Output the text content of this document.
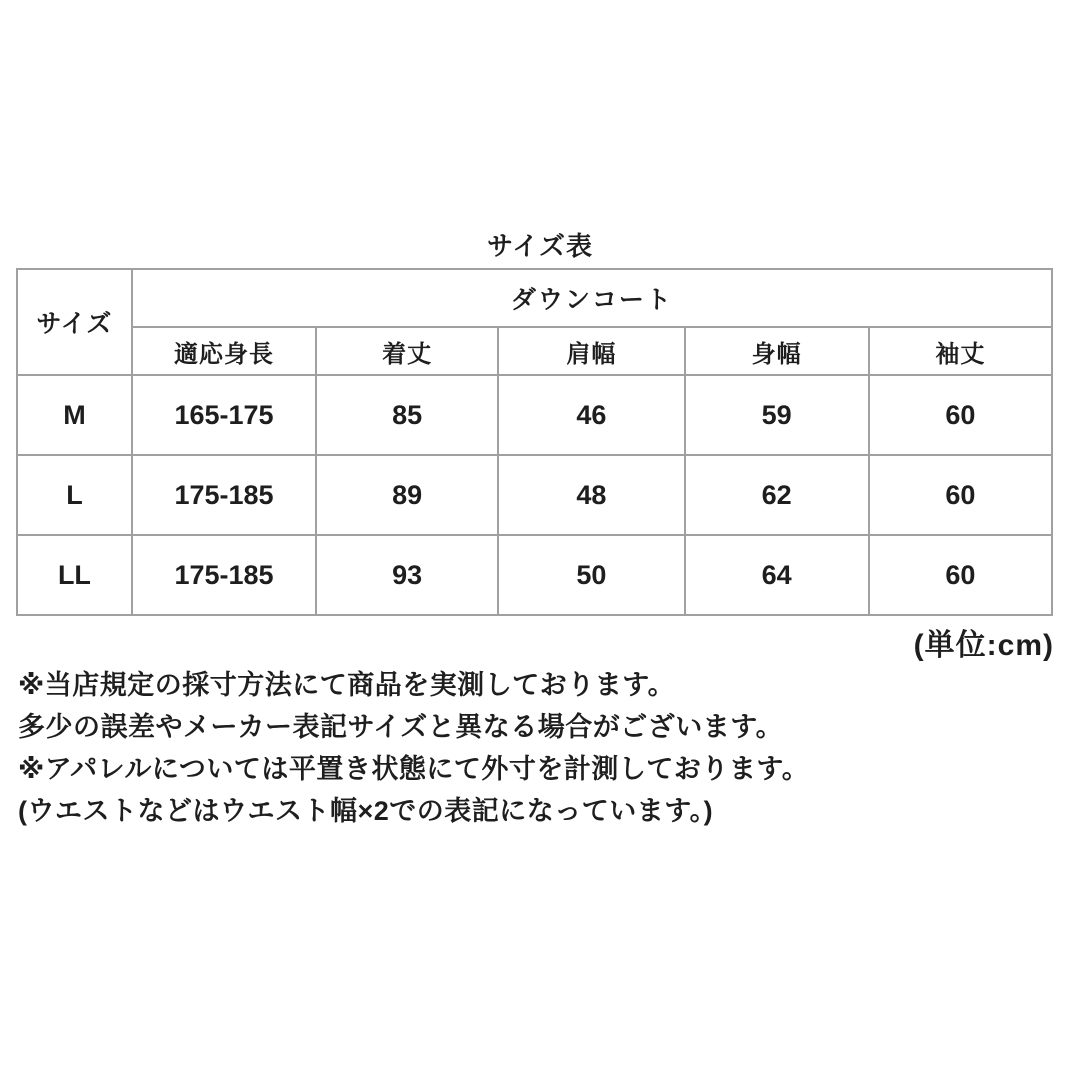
サイズ表
サイズ	ダウンコート				
	適応身長	着丈	肩幅	身幅	袖丈
M	165-175	85	46	59	60
L	175-185	89	48	62	60
LL	175-185	93	50	64	60
(単位:cm)

※当店規定の採寸方法にて商品を実測しております。

多少の誤差やメーカー表記サイズと異なる場合がございます。

※アパレルについては平置き状態にて外寸を計測しております。

(ウエストなどはウエスト幅×2での表記になっています。)
